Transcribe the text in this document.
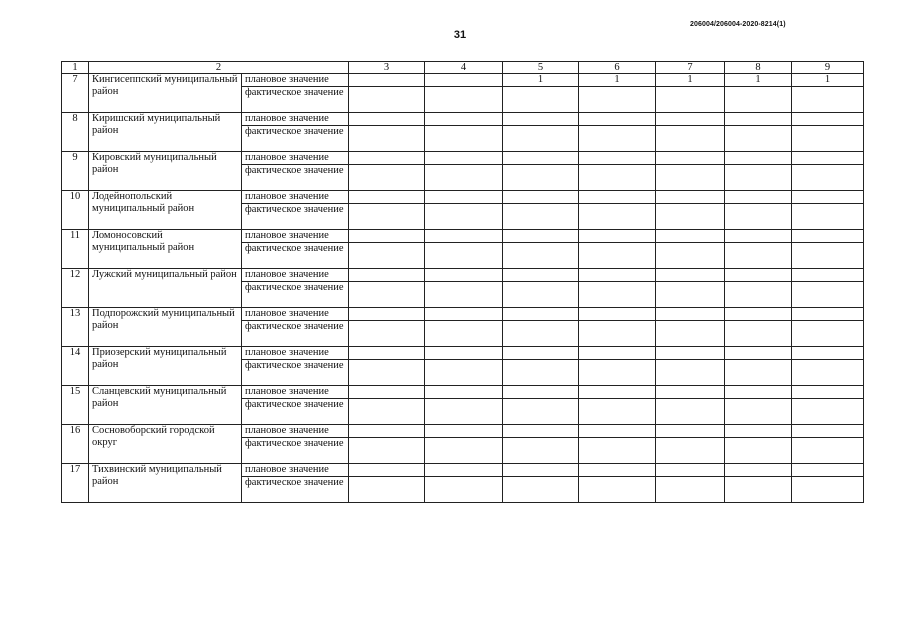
31
206004/206004-2020-8214(1)
1	2		3	4	5	6	7	8	9
7	Кингисеппский муниципальный район	плановое значение			1	1	1	1	1
		фактическое значение							
8	Киришский муниципальный район	плановое значение							
		фактическое значение							
9	Кировский муниципальный район	плановое значение							
		фактическое значение							
10	Лодейнопольский муниципальный район	плановое значение							
		фактическое значение							
11	Ломоносовский муниципальный район	плановое значение							
		фактическое значение							
12	Лужский муниципальный район	плановое значение							
		фактическое значение							
13	Подпорожский муниципальный район	плановое значение							
		фактическое значение							
14	Приозерский муниципальный район	плановое значение							
		фактическое значение							
15	Сланцевский муниципальный район	плановое значение							
		фактическое значение							
16	Сосновоборский городской округ	плановое значение							
		фактическое значение							
17	Тихвинский муниципальный район	плановое значение							
		фактическое значение							
